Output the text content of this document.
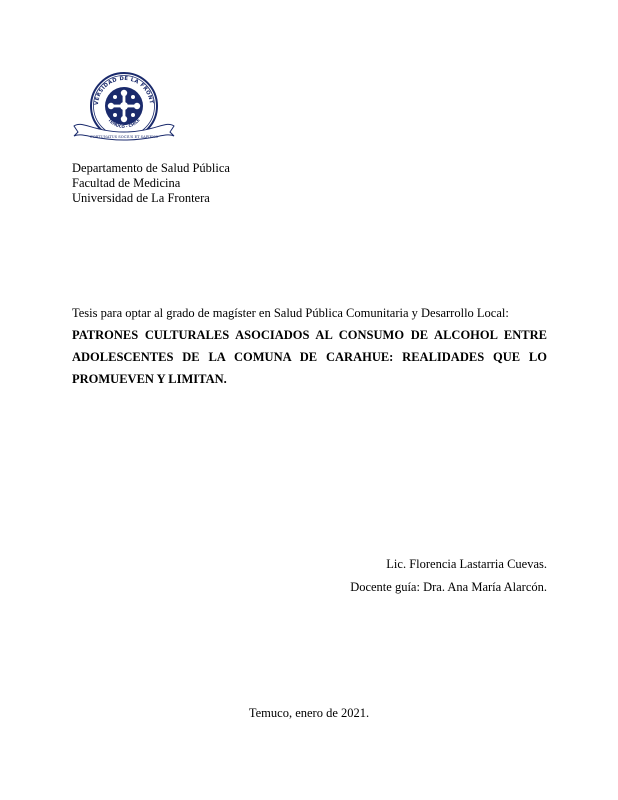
VERSIDAD DE LA FRONT
TEMUCO - CHILE
FORTUNATUS SOCIUS ET SAPIENS
Departamento de Salud Pública
Facultad de Medicina
Universidad de La Frontera
Tesis para optar al grado de magíster en Salud Pública Comunitaria y Desarrollo Local:
PATRONES CULTURALES ASOCIADOS AL CONSUMO DE ALCOHOL ENTRE ADOLESCENTES DE LA COMUNA DE CARAHUE: REALIDADES QUE LO PROMUEVEN Y LIMITAN.
Lic. Florencia Lastarria Cuevas.
Docente guía: Dra. Ana María Alarcón.
Temuco, enero de 2021.
